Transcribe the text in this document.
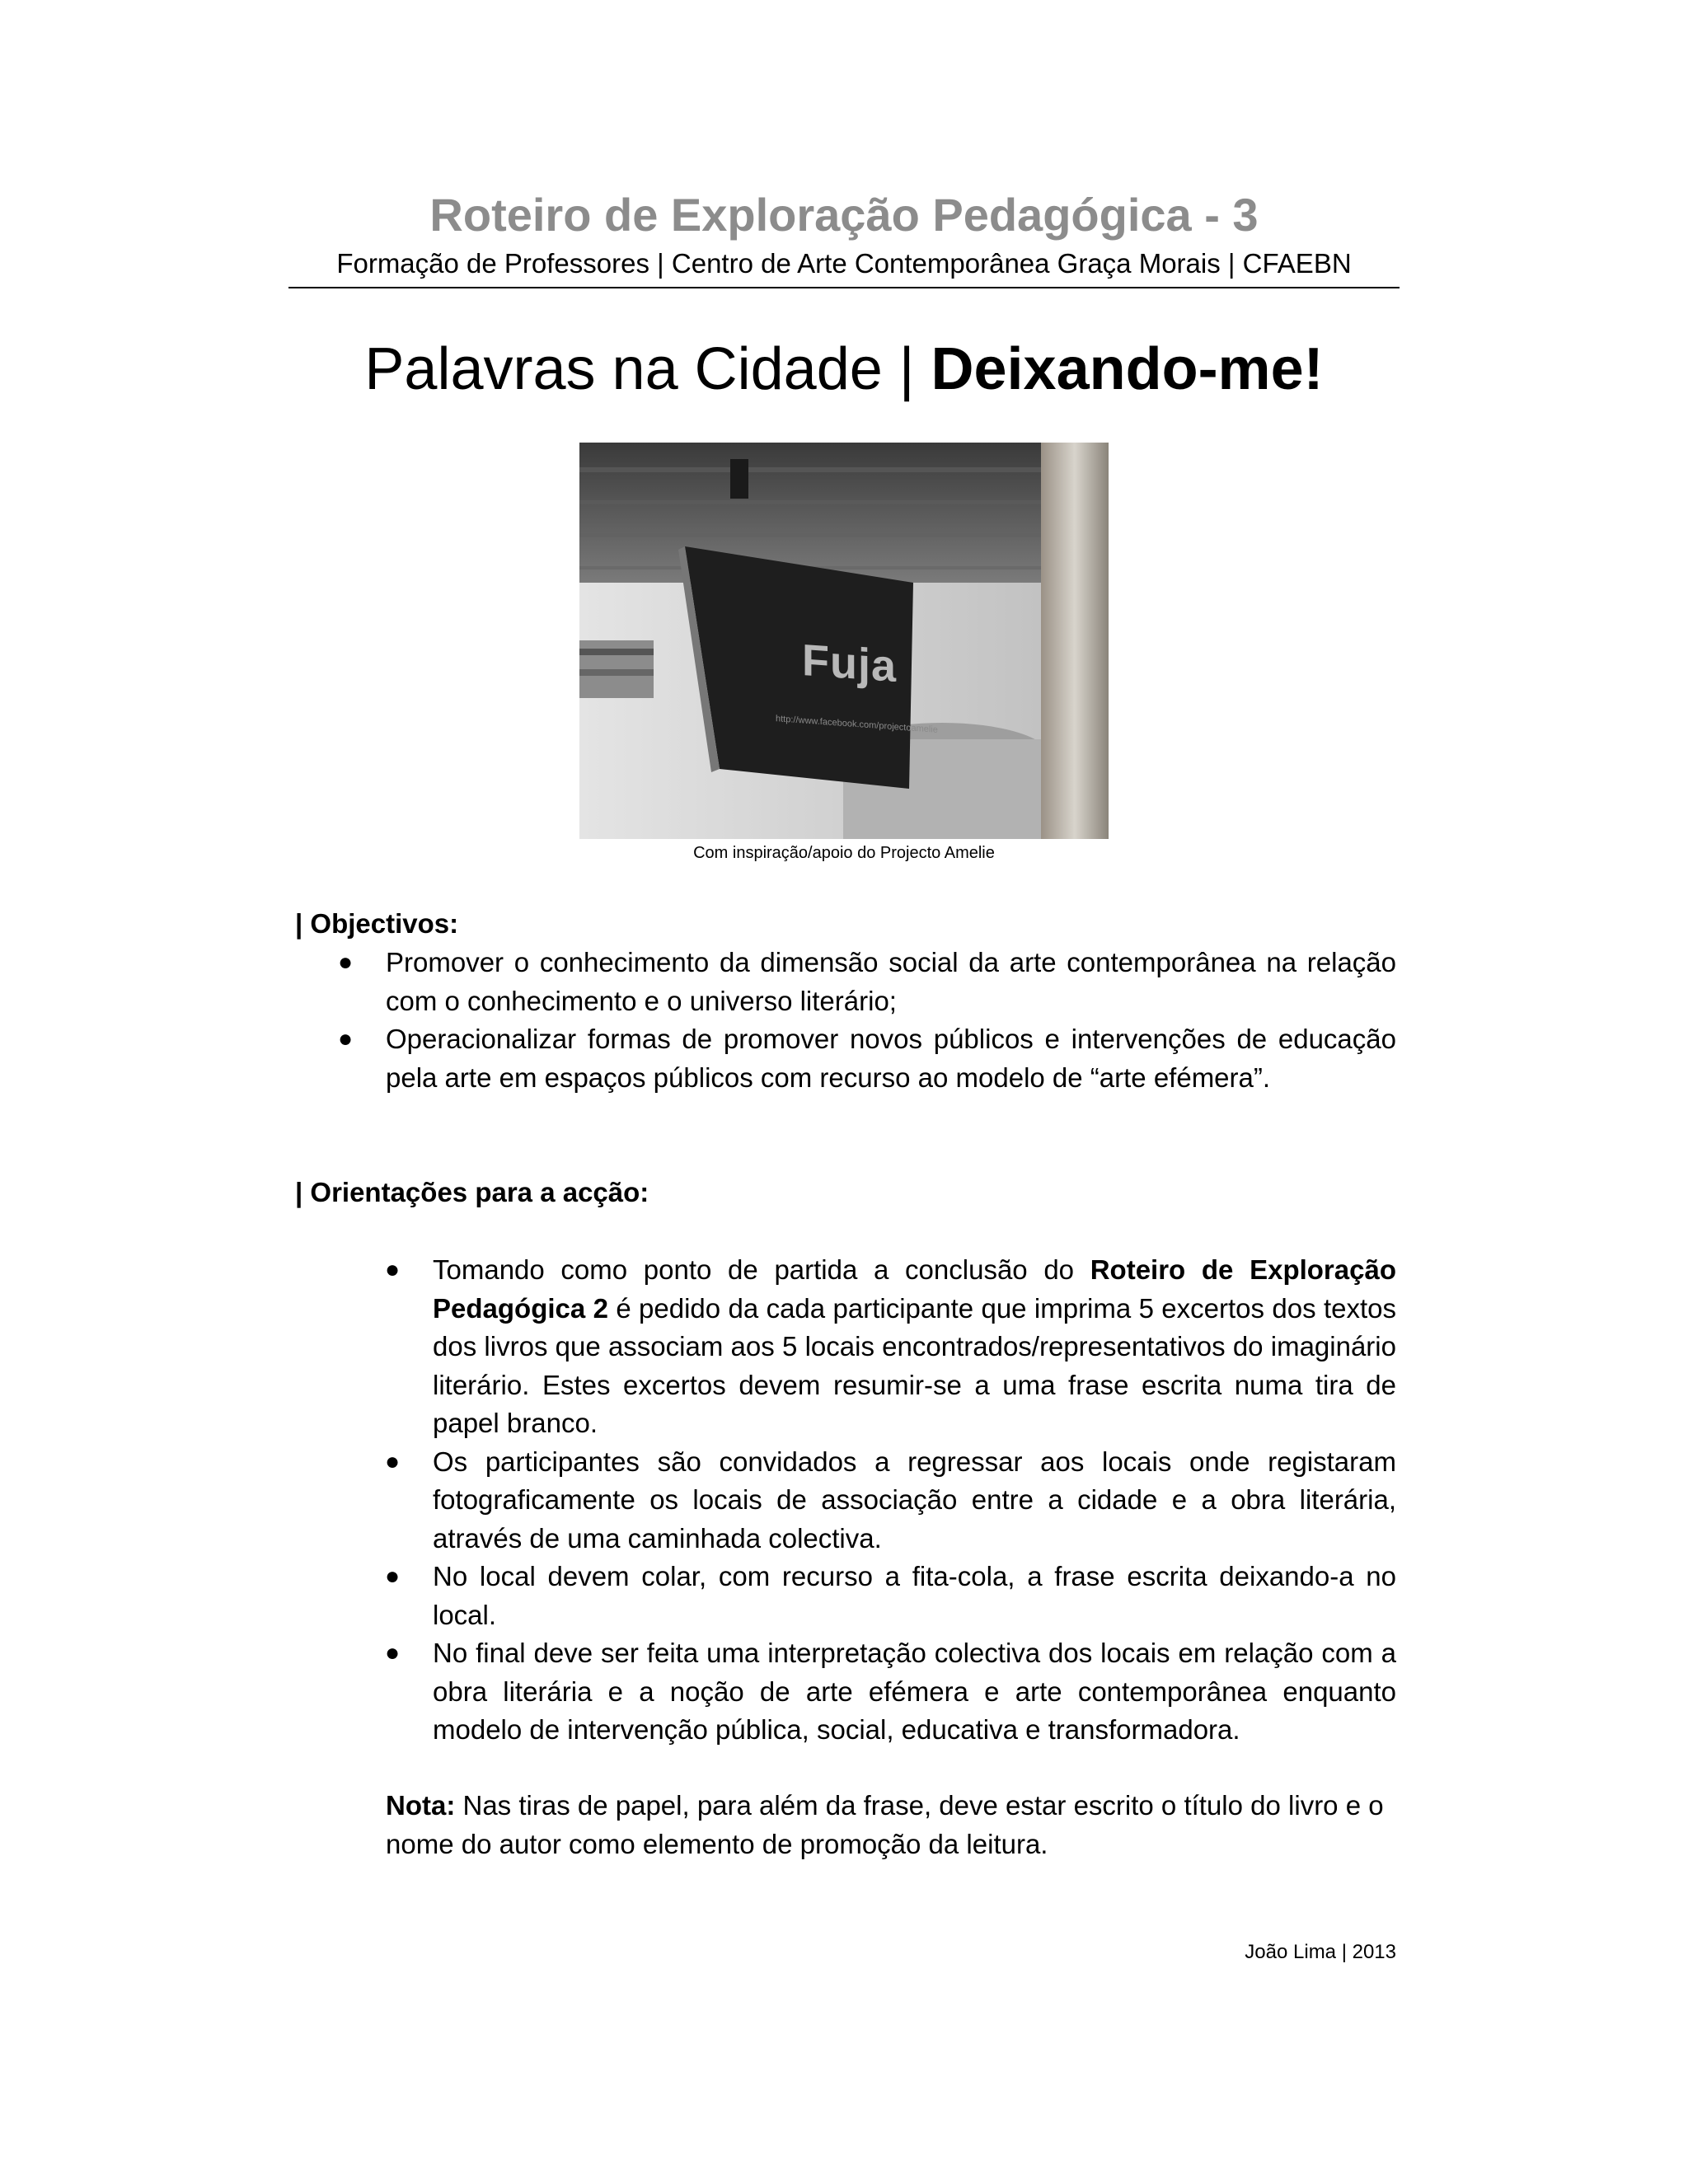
Roteiro de Exploração Pedagógica - 3
Formação de Professores | Centro de Arte Contemporânea Graça Morais | CFAEBN
Palavras na Cidade | Deixando-me!
Fuja
http://www.facebook.com/projectoamelie
Com inspiração/apoio do Projecto Amelie
| Objectivos:
● Promover o conhecimento da dimensão social da arte contemporânea na relação com o conhecimento e o universo literário;
● Operacionalizar formas de promover novos públicos e intervenções de educação pela arte em espaços públicos com recurso ao modelo de “arte efémera”.
| Orientações para a acção:
● Tomando como ponto de partida a conclusão do Roteiro de Exploração Pedagógica 2 é pedido da cada participante que imprima 5 excertos dos textos dos livros que associam aos 5 locais encontrados/representativos do imaginário literário. Estes excertos devem resumir-se a uma frase escrita numa tira de papel branco.
● Os participantes são convidados a regressar aos locais onde registaram fotograficamente os locais de associação entre a cidade e a obra literária, através de uma caminhada colectiva.
● No local devem colar, com recurso a fita-cola, a frase escrita deixando-a no local.
● No final deve ser feita uma interpretação colectiva dos locais em relação com a obra literária e a noção de arte efémera e arte contemporânea enquanto modelo de intervenção pública, social, educativa e transformadora.
Nota: Nas tiras de papel, para além da frase, deve estar escrito o título do livro e o nome do autor como elemento de promoção da leitura.
João Lima | 2013
